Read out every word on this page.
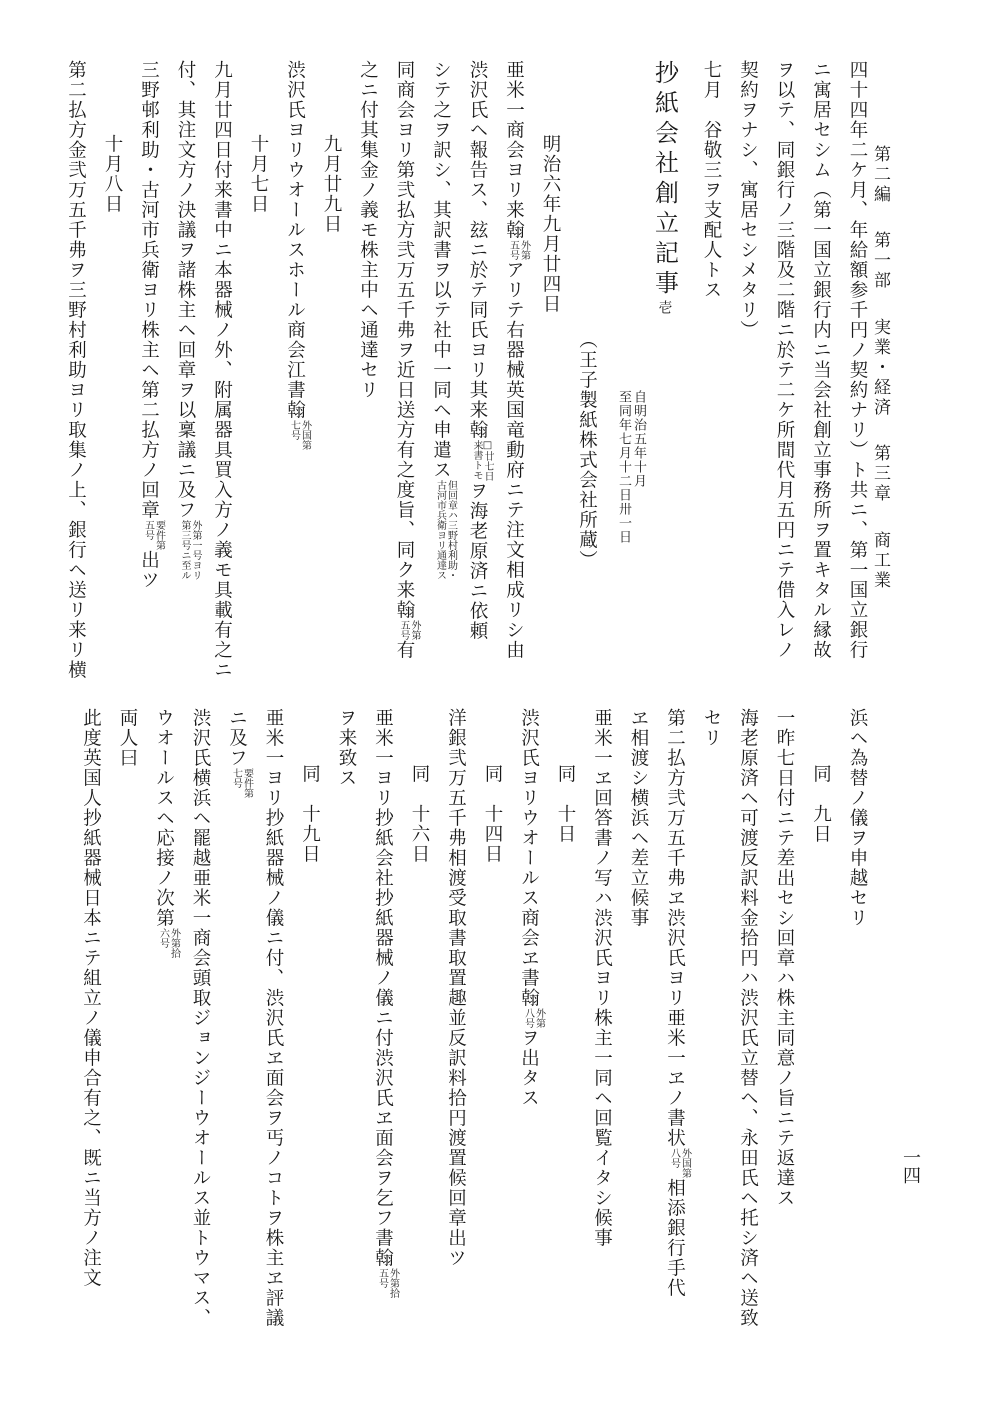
第二編 第一部 実業・経済 第三章 商工業
一四
四十四年二ケ月、年給額参千円ノ契約ナリ）ト共ニ、第一国立銀行
ニ寓居セシム（第一国立銀行内ニ当会社創立事務所ヲ置キタル縁故
ヲ以テ、同銀行ノ三階及二階ニ於テ二ケ所間代月五円ニテ借入レノ
契約ヲナシ、寓居セシメタリ）
七月　谷敬三ヲ支配人トス
抄紙会社創立記事壱
自明治五年十月
至同年七月十二日卅一日
（王子製紙株式会社所蔵）
明治六年九月廿四日
亜米一商会ヨリ来翰外第
五号アリテ右器械英国竜動府ニテ注文相成リシ由
渋沢氏ヘ報告ス、玆ニ於テ同氏ヨリ其来翰□廿七日
来書トモヲ海老原済ニ依頼
シテ之ヲ訳シ、其訳書ヲ以テ社中一同ヘ申遣ス但回章ハ三野村利助・
古河市兵衛ヨリ通達ス
同商会ヨリ第弐払方弐万五千弗ヲ近日送方有之度旨、同ク来翰外第
五号有
之ニ付其集金ノ義モ株主中ヘ通達セリ
九月廿九日
渋沢氏ヨリウオールスホール商会江書翰外国第
七号
十月七日
九月廿四日付来書中ニ本器械ノ外、附属器具買入方ノ義モ具載有之ニ
付、其注文方ノ決議ヲ諸株主ヘ回章ヲ以稟議ニ及フ外第一号ヨリ
第三号ニ至ル
三野邨利助・古河市兵衛ヨリ株主ヘ第二払方ノ回章要件第
五号出ツ
十月八日
第二払方金弐万五千弗ヲ三野村利助ヨリ取集ノ上、銀行ヘ送リ来リ横
浜ヘ為替ノ儀ヲ申越セリ
同　九日
一昨七日付ニテ差出セシ回章ハ株主同意ノ旨ニテ返達ス
海老原済ヘ可渡反訳料金拾円ハ渋沢氏立替ヘ、永田氏ヘ托シ済ヘ送致
セリ
第二払方弐万五千弗ヱ渋沢氏ヨリ亜米一ヱノ書状外国第
八号相添銀行手代
ヱ相渡シ横浜ヘ差立候事
亜米一ヱ回答書ノ写ハ渋沢氏ヨリ株主一同ヘ回覧イタシ候事
同　十日
渋沢氏ヨリウオールス商会ヱ書翰外第
八号ヲ出タス
同　十四日
洋銀弐万五千弗相渡受取書取置趣並反訳料拾円渡置候回章出ツ
同　十六日
亜米一ヨリ抄紙会社抄紙器械ノ儀ニ付渋沢氏ヱ面会ヲ乞フ書翰外第拾
五号
ヲ来致ス
同　十九日
亜米一ヨリ抄紙器械ノ儀ニ付、渋沢氏ヱ面会ヲ丐ノコトヲ株主ヱ評議
ニ及フ要件第
七号
渋沢氏横浜ヘ罷越亜米一商会頭取ジョンジーウオールス並トウマス、
ウオールスヘ応接ノ次第外第拾
六号
両人曰
此度英国人抄紙器械日本ニテ組立ノ儀申合有之、既ニ当方ノ注文
